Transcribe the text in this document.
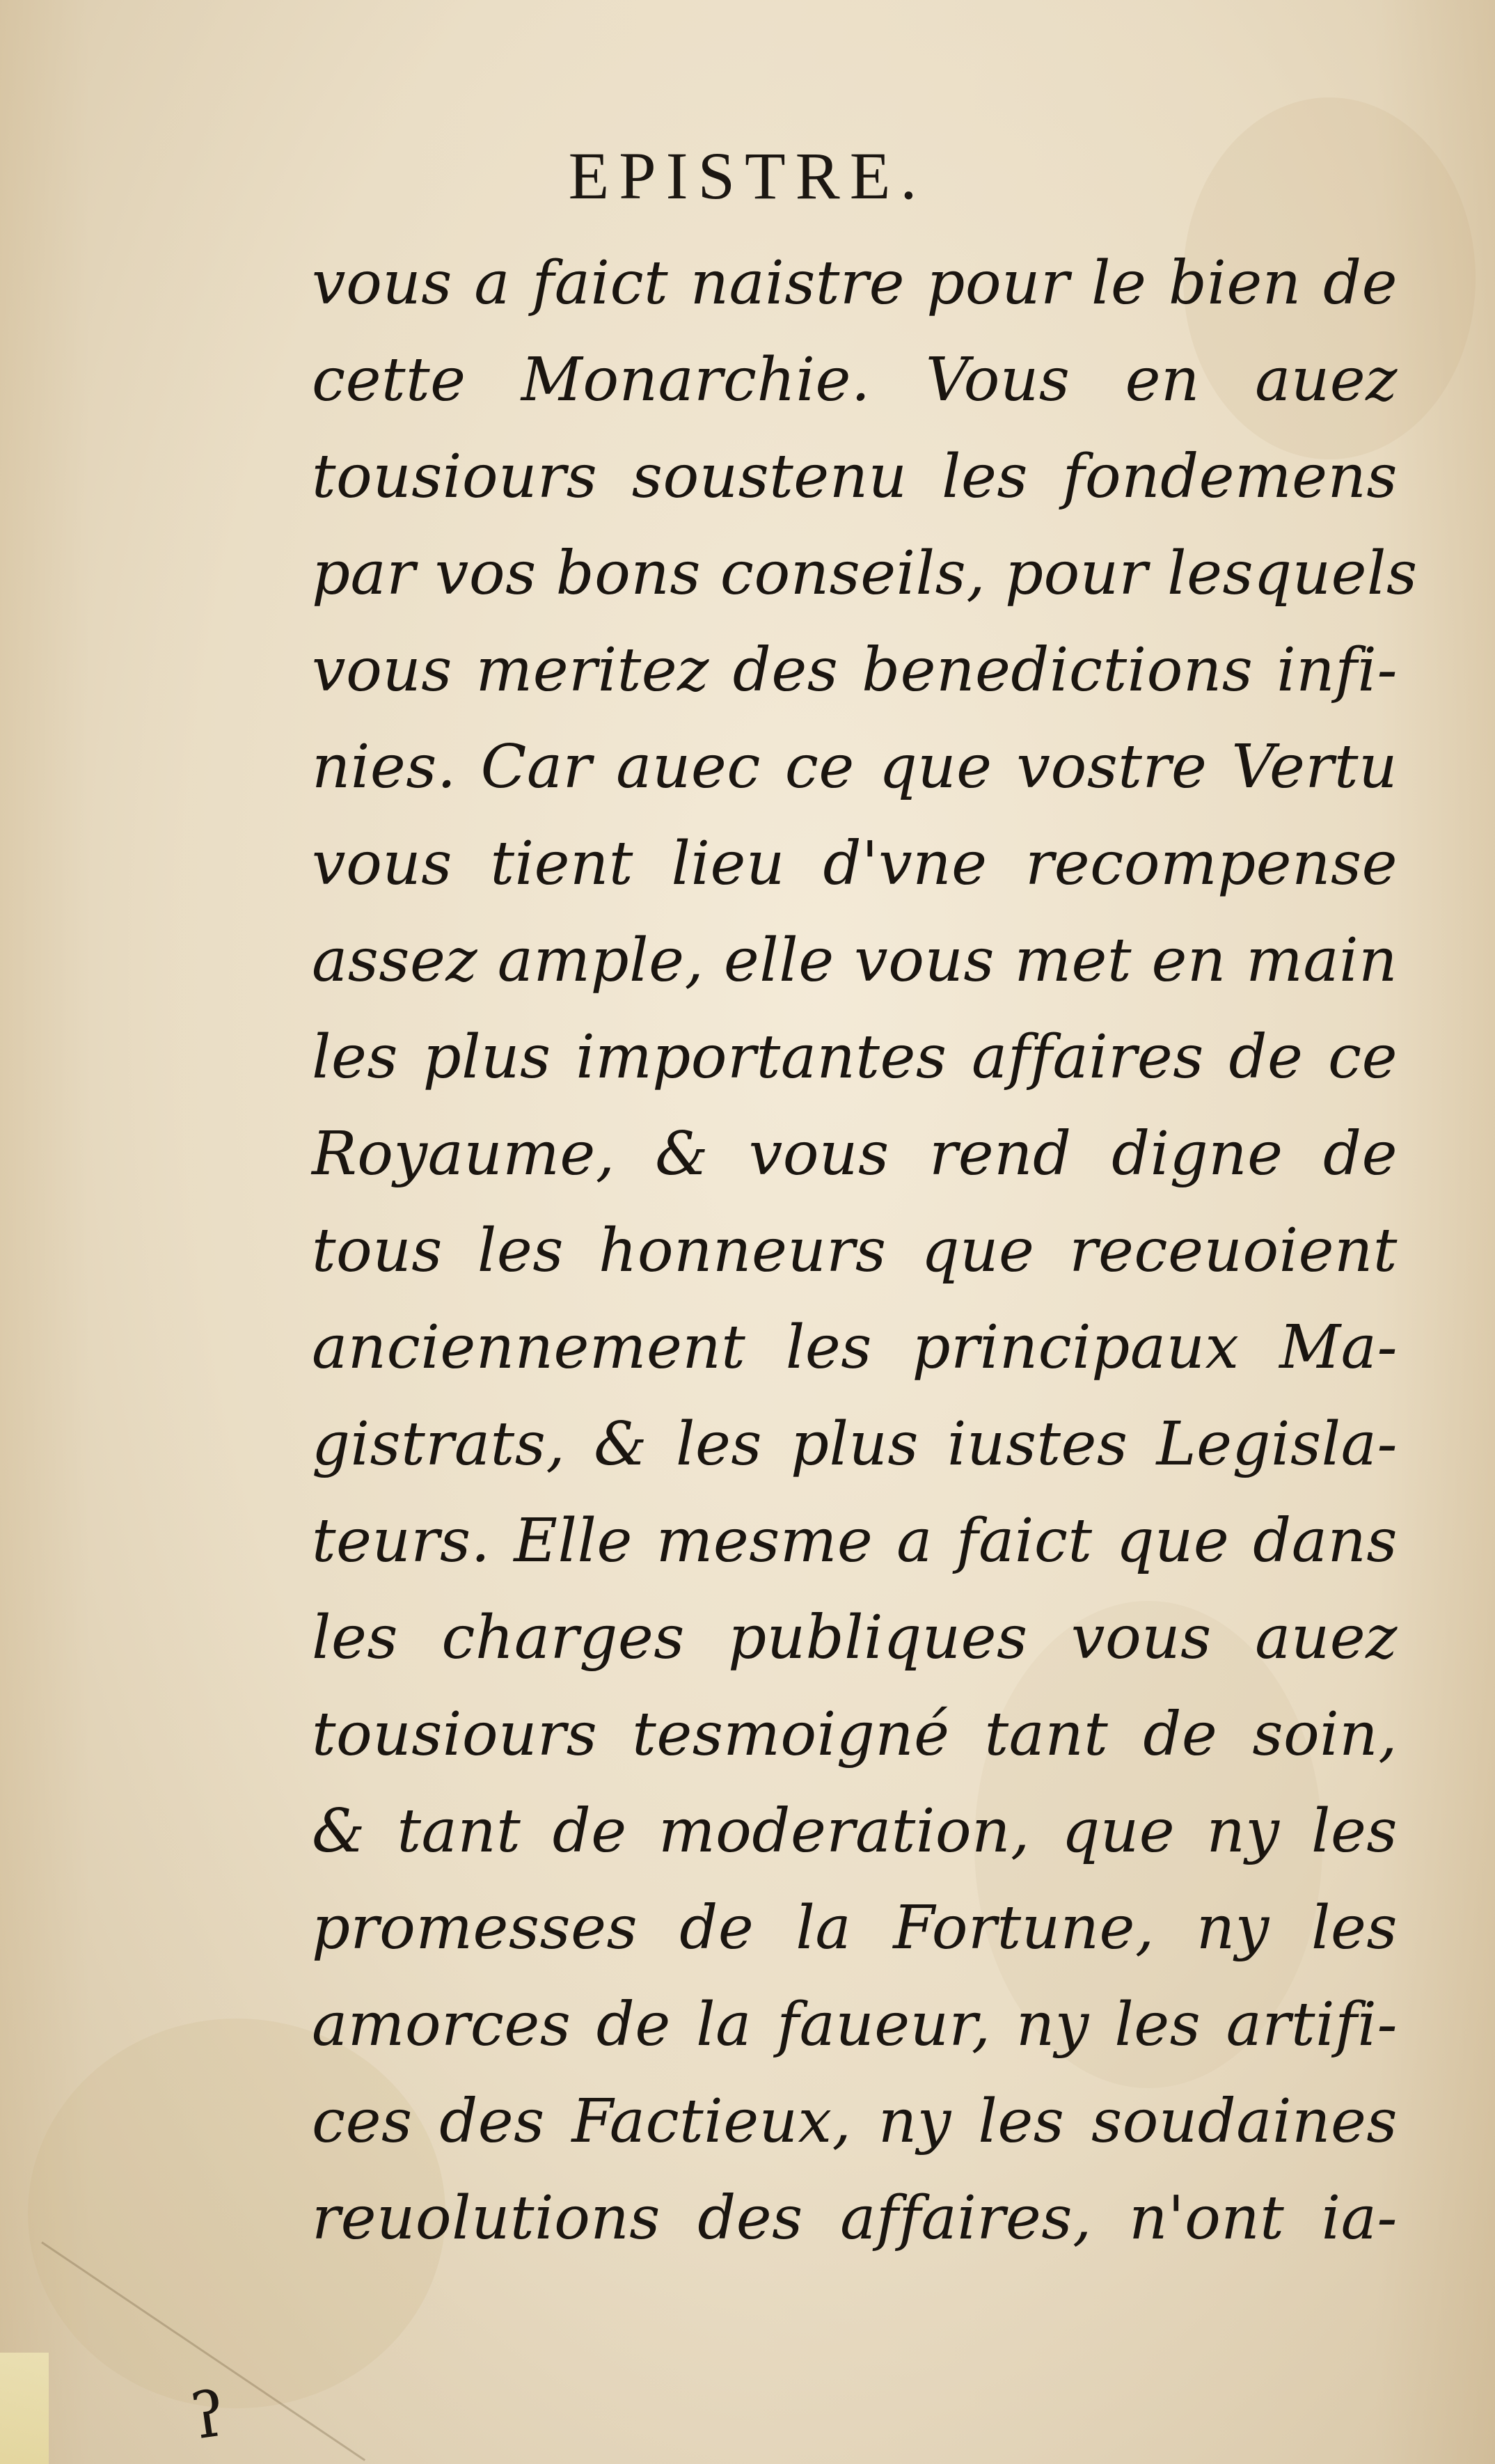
EPISTRE.
vous a faict naistre pour le bien de
cette Monarchie. Vous en auez
tousiours soustenu les fondemens
par vos bons conseils, pour lesquels
vous meritez des benedictions infi-
nies. Car auec ce que vostre Vertu
vous tient lieu d'vne recompense
assez ample, elle vous met en main
les plus importantes affaires de ce
Royaume, & vous rend digne de
tous les honneurs que receuoient
anciennement les principaux Ma-
gistrats, & les plus iustes Legisla-
teurs. Elle mesme a faict que dans
les charges publiques vous auez
tousiours tesmoigné tant de soin,
& tant de moderation, que ny les
promesses de la Fortune, ny les
amorces de la faueur, ny les artifi-
ces des Factieux, ny les soudaines
reuolutions des affaires, n'ont ia-
ʔ
